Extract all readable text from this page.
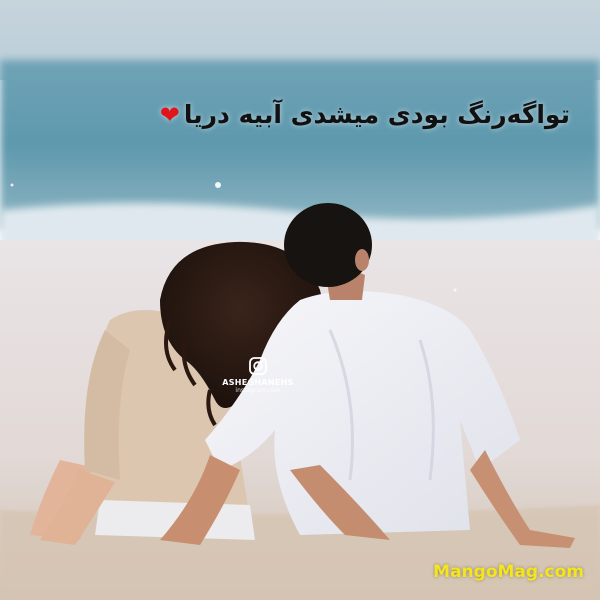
تواگه‌رنگ بودی میشدی آبیه دریا❤
ASHEGHANEHS
instagram.com
MangoMag.com
